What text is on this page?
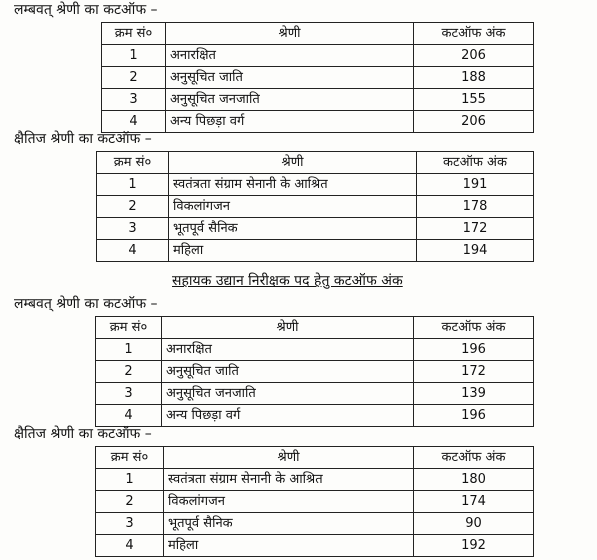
लम्बवत् श्रेणी का कटऑफ –
क्रम सं०	श्रेणी	कटऑफ अंक
1	अनारक्षित	206
2	अनुसूचित जाति	188
3	अनुसूचित जनजाति	155
4	अन्य पिछड़ा वर्ग	206
क्षैतिज श्रेणी का कटऑफ –
क्रम सं०	श्रेणी	कटऑफ अंक
1	स्वतंत्रता संग्राम सेनानी के आश्रित	191
2	विकलांगजन	178
3	भूतपूर्व सैनिक	172
4	महिला	194
सहायक उद्यान निरीक्षक पद हेतु कटऑफ अंक
लम्बवत् श्रेणी का कटऑफ –
क्रम सं०	श्रेणी	कटऑफ अंक
1	अनारक्षित	196
2	अनुसूचित जाति	172
3	अनुसूचित जनजाति	139
4	अन्य पिछड़ा वर्ग	196
क्षैतिज श्रेणी का कटऑफ –
क्रम सं०	श्रेणी	कटऑफ अंक
1	स्वतंत्रता संग्राम सेनानी के आश्रित	180
2	विकलांगजन	174
3	भूतपूर्व सैनिक	90
4	महिला	192
